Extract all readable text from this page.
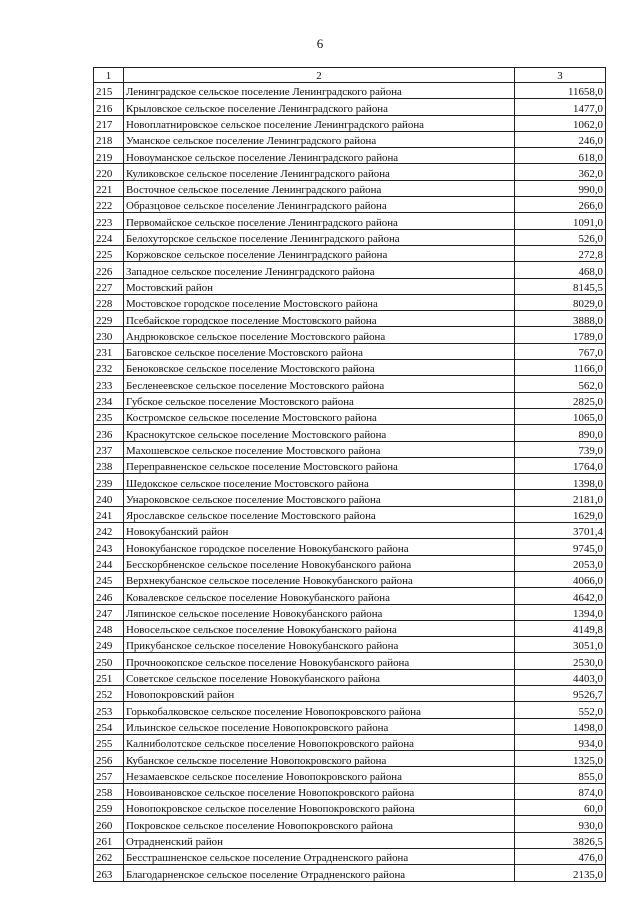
6
1	2	3
215	Ленинградское сельское поселение Ленинградского района	11658,0
216	Крыловское сельское поселение Ленинградского района	1477,0
217	Новоплатнировское сельское поселение Ленинградского района	1062,0
218	Уманское сельское поселение Ленинградского района	246,0
219	Новоуманское сельское поселение Ленинградского района	618,0
220	Куликовское сельское поселение Ленинградского района	362,0
221	Восточное сельское поселение Ленинградского района	990,0
222	Образцовое сельское поселение Ленинградского района	266,0
223	Первомайское сельское поселение Ленинградского района	1091,0
224	Белохуторское сельское поселение Ленинградского района	526,0
225	Коржовское сельское поселение Ленинградского района	272,8
226	Западное сельское поселение Ленинградского района	468,0
227	Мостовский район	8145,5
228	Мостовское городское поселение Мостовского района	8029,0
229	Псебайское городское поселение Мостовского района	3888,0
230	Андрюковское сельское поселение Мостовского района	1789,0
231	Баговское сельское поселение Мостовского района	767,0
232	Беноковское сельское поселение Мостовского района	1166,0
233	Бесленеевское сельское поселение Мостовского района	562,0
234	Губское сельское поселение Мостовского района	2825,0
235	Костромское сельское поселение Мостовского района	1065,0
236	Краснокутское сельское поселение Мостовского района	890,0
237	Махошевское сельское поселение Мостовского района	739,0
238	Переправненское сельское поселение Мостовского района	1764,0
239	Шедокское сельское поселение Мостовского района	1398,0
240	Унароковское сельское поселение Мостовского района	2181,0
241	Ярославское сельское поселение Мостовского района	1629,0
242	Новокубанский район	3701,4
243	Новокубанское городское поселение Новокубанского района	9745,0
244	Бесскорбненское сельское поселение Новокубанского района	2053,0
245	Верхнекубанское сельское поселение Новокубанского района	4066,0
246	Ковалевское сельское поселение Новокубанского района	4642,0
247	Ляпинское сельское поселение Новокубанского района	1394,0
248	Новосельское сельское поселение Новокубанского района	4149,8
249	Прикубанское сельское поселение Новокубанского района	3051,0
250	Прочноокопское сельское поселение Новокубанского района	2530,0
251	Советское сельское поселение Новокубанского района	4403,0
252	Новопокровский район	9526,7
253	Горькобалковское сельское поселение Новопокровского района	552,0
254	Ильинское сельское поселение Новопокровского района	1498,0
255	Калниболотское сельское поселение Новопокровского района	934,0
256	Кубанское сельское поселение Новопокровского района	1325,0
257	Незамаевское сельское поселение Новопокровского района	855,0
258	Новоивановское сельское поселение Новопокровского района	874,0
259	Новопокровское сельское поселение Новопокровского района	60,0
260	Покровское сельское поселение Новопокровского района	930,0
261	Отрадненский район	3826,5
262	Бесстрашненское сельское поселение Отрадненского района	476,0
263	Благодарненское сельское поселение Отрадненского района	2135,0
